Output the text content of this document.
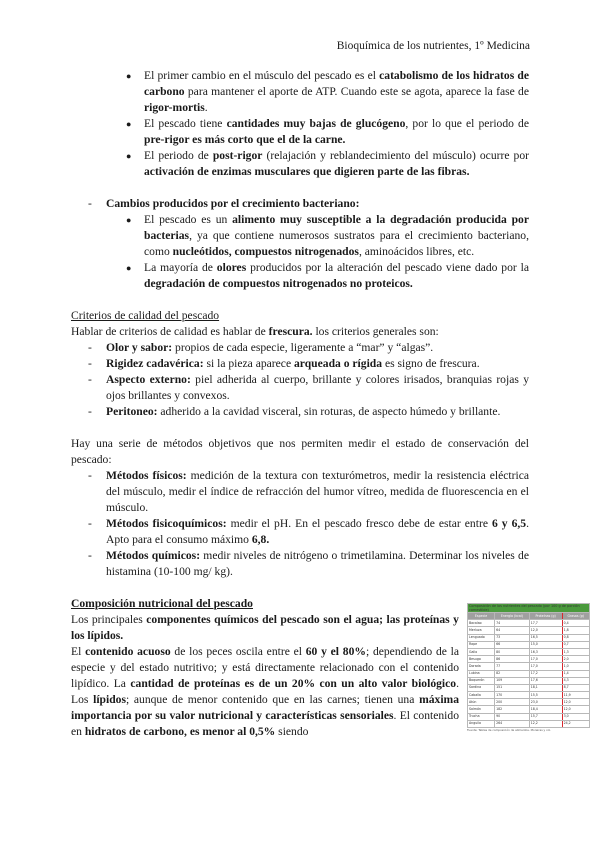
Bioquímica de los nutrientes, 1º Medicina
● El primer cambio en el músculo del pescado es el catabolismo de los hidratos de carbono para mantener el aporte de ATP. Cuando este se agota, aparece la fase de rigor-mortis.
● El pescado tiene cantidades muy bajas de glucógeno, por lo que el periodo de pre-rigor es más corto que el de la carne.
● El periodo de post-rigor (relajación y reblandecimiento del músculo) ocurre por activación de enzimas musculares que digieren parte de las fibras.
- Cambios producidos por el crecimiento bacteriano:
● El pescado es un alimento muy susceptible a la degradación producida por bacterias, ya que contiene numerosos sustratos para el crecimiento bacteriano, como nucleótidos, compuestos nitrogenados, aminoácidos libres, etc.
● La mayoría de olores producidos por la alteración del pescado viene dado por la degradación de compuestos nitrogenados no proteicos.
Criterios de calidad del pescado

Hablar de criterios de calidad es hablar de frescura. los criterios generales son:

- Olor y sabor: propios de cada especie, ligeramente a “mar” y “algas”.
- Rigidez cadavérica: si la pieza aparece arqueada o rígida es signo de frescura.
- Aspecto externo: piel adherida al cuerpo, brillante y colores irisados, branquias rojas y ojos brillantes y convexos.
- Peritoneo: adherido a la cavidad visceral, sin roturas, de aspecto húmedo y brillante.

Hay una serie de métodos objetivos que nos permiten medir el estado de conservación del pescado:

- Métodos físicos: medición de la textura con texturómetros, medir la resistencia eléctrica del músculo, medir el índice de refracción del humor vítreo, medida de fluorescencia en el músculo.
- Métodos fisicoquímicos: medir el pH. En el pescado fresco debe de estar entre 6 y 6,5. Apto para el consumo máximo 6,8.
- Métodos químicos: medir niveles de nitrógeno o trimetilamina. Determinar los niveles de histamina (10-100 mg/ kg).
Composición nutricional del pescado

Los principales componentes químicos del pescado son el agua; las proteínas y los lípidos.

El contenido acuoso de los peces oscila entre el 60 y el 80%; dependiendo de la especie y del estado nutritivo; y está directamente relacionado con el contenido lipídico. La cantidad de proteínas es de un 20% con un alto valor biológico. Los lípidos; aunque de menor contenido que en las carnes; tienen una máxima importancia por su valor nutricional y características sensoriales. El contenido en hidratos de carbono, es menor al 0,5% siendo

Composición de los nutrientes del pescado (por 100 g de porción comestible)			
Especie	Energía (kcal)	Proteínas (g)	Grasas (g)
Bacalao	74	17,7	0,4
Merluza	64	12,0	1,8
Lenguado	73	16,5	0,8
Rape	66	15,0	0,7
Gallo	80	16,3	1,3
Besugo	86	17,0	2,0
Dorada	77	17,0	1,0
Lubina	82	17,2	1,4
Boquerón	109	17,6	4,3
Sardina	151	18,1	8,7
Caballa	170	15,5	11,9
Atún	200	23,0	12,0
Salmón	182	18,4	12,0
Trucha	90	15,7	3,0
Anguila	264	12,2	24,2
Fuente: Tablas de composición de alimentos. Moreiras y col.
